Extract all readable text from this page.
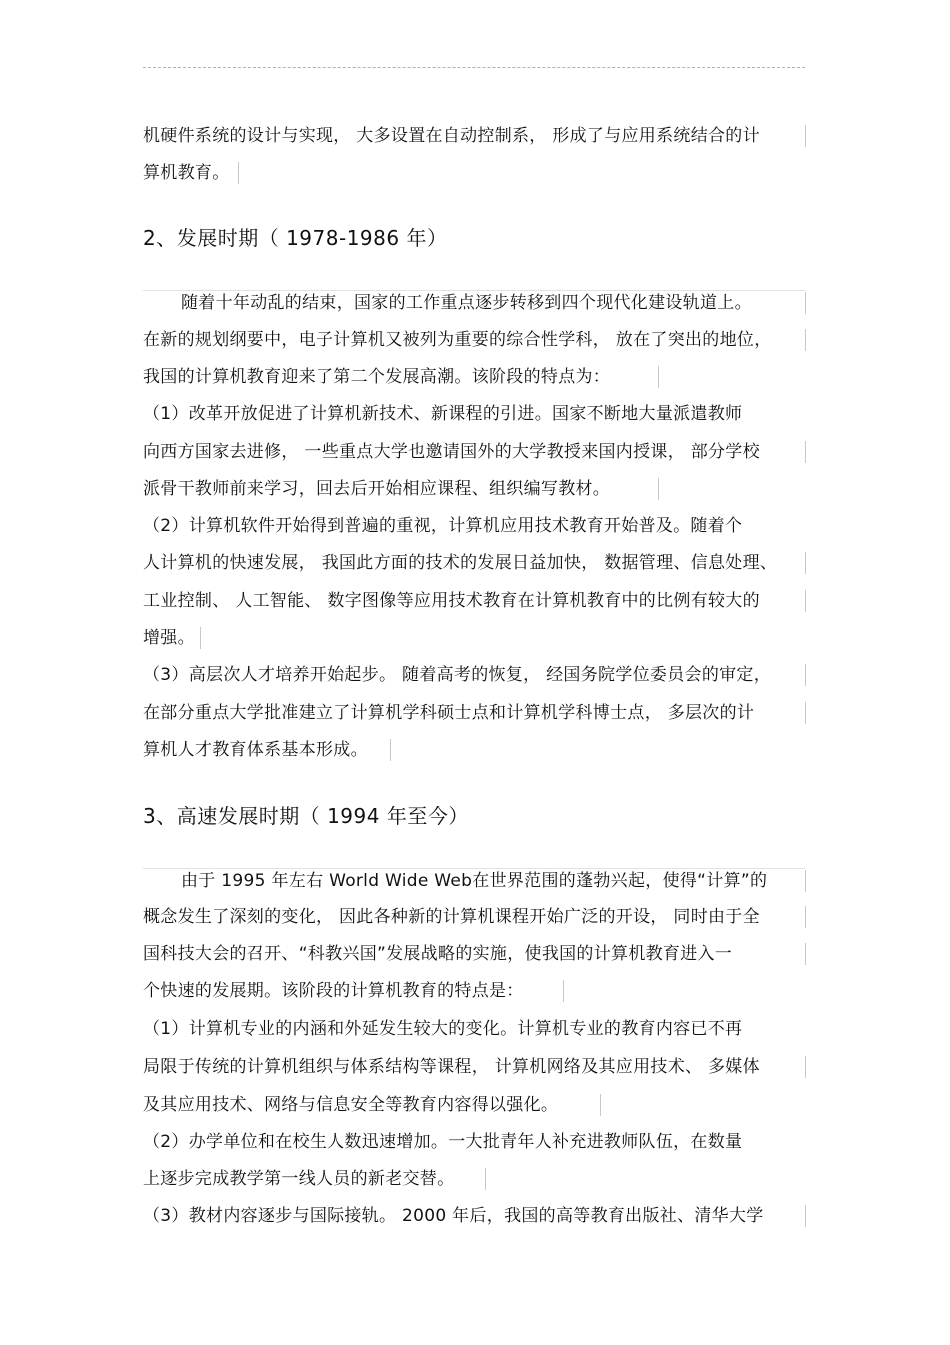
机硬件系统的设计与实现， 大多设置在自动控制系， 形成了与应用系统结合的计
算机教育。
2、发展时期（ 1978-1986 年）
随着十年动乱的结束，国家的工作重点逐步转移到四个现代化建设轨道上。
在新的规划纲要中，电子计算机又被列为重要的综合性学科， 放在了突出的地位，
我国的计算机教育迎来了第二个发展高潮。该阶段的特点为：
（1）改革开放促进了计算机新技术、新课程的引进。国家不断地大量派遣教师
向西方国家去进修， 一些重点大学也邀请国外的大学教授来国内授课， 部分学校
派骨干教师前来学习，回去后开始相应课程、组织编写教材。
（2）计算机软件开始得到普遍的重视，计算机应用技术教育开始普及。随着个
人计算机的快速发展， 我国此方面的技术的发展日益加快， 数据管理、信息处理、
工业控制、 人工智能、 数字图像等应用技术教育在计算机教育中的比例有较大的
增强。
（3）高层次人才培养开始起步。 随着高考的恢复， 经国务院学位委员会的审定，
在部分重点大学批准建立了计算机学科硕士点和计算机学科博士点， 多层次的计
算机人才教育体系基本形成。
3、高速发展时期（ 1994 年至今）
由于 1995 年左右 World Wide Web在世界范围的蓬勃兴起，使得“计算”的
概念发生了深刻的变化， 因此各种新的计算机课程开始广泛的开设， 同时由于全
国科技大会的召开、“科教兴国”发展战略的实施，使我国的计算机教育进入一
个快速的发展期。该阶段的计算机教育的特点是：
（1）计算机专业的内涵和外延发生较大的变化。计算机专业的教育内容已不再
局限于传统的计算机组织与体系结构等课程， 计算机网络及其应用技术、 多媒体
及其应用技术、网络与信息安全等教育内容得以强化。
（2）办学单位和在校生人数迅速增加。一大批青年人补充进教师队伍，在数量
上逐步完成教学第一线人员的新老交替。
（3）教材内容逐步与国际接轨。 2000 年后，我国的高等教育出版社、清华大学
